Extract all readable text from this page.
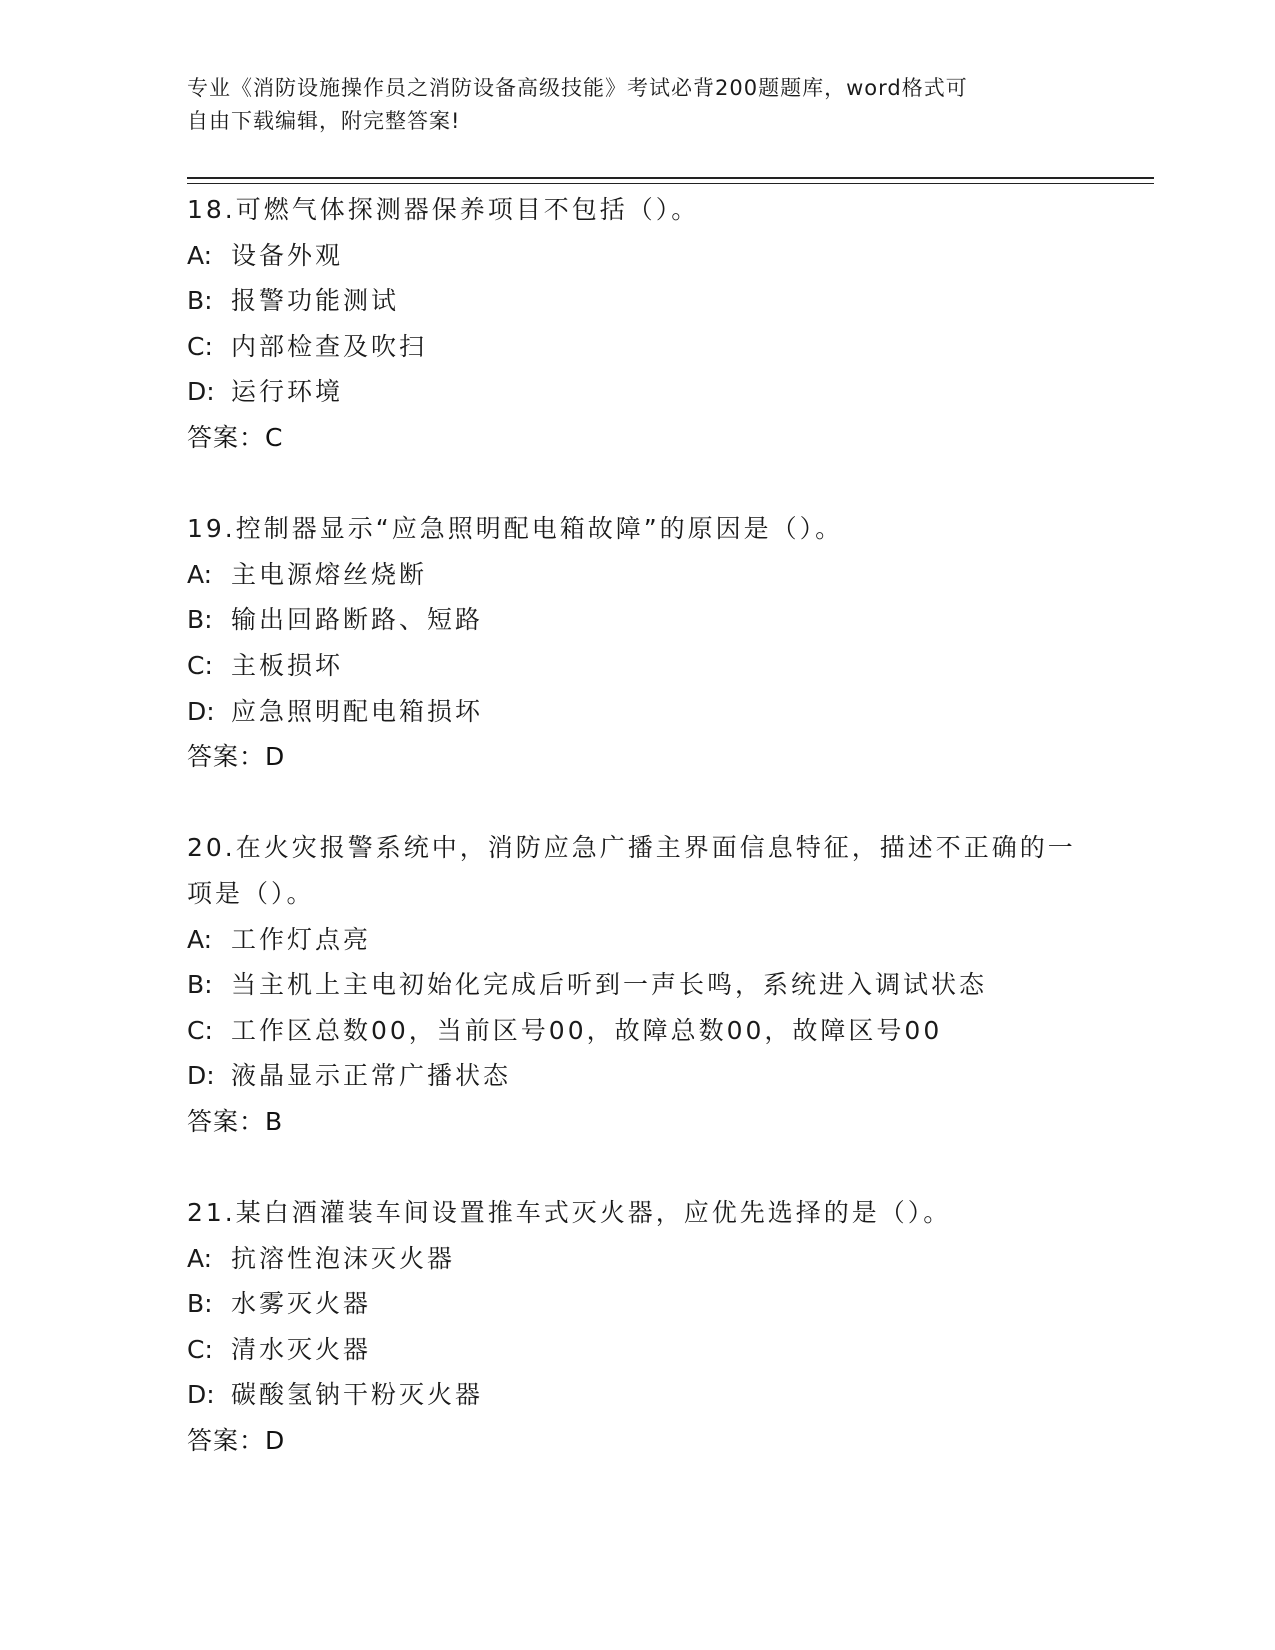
专业《消防设施操作员之消防设备高级技能》考试必背200题题库，word格式可
自由下载编辑，附完整答案!
18.可燃气体探测器保养项目不包括（）。
A: 设备外观
B: 报警功能测试
C: 内部检查及吹扫
D: 运行环境
答案：C
19.控制器显示“应急照明配电箱故障”的原因是（）。
A: 主电源熔丝烧断
B: 输出回路断路、短路
C: 主板损坏
D: 应急照明配电箱损坏
答案：D
20.在火灾报警系统中，消防应急广播主界面信息特征，描述不正确的一项是（）。
A: 工作灯点亮
B: 当主机上主电初始化完成后听到一声长鸣，系统进入调试状态
C: 工作区总数00，当前区号00，故障总数00，故障区号00
D: 液晶显示正常广播状态
答案：B
21.某白酒灌装车间设置推车式灭火器，应优先选择的是（）。
A: 抗溶性泡沫灭火器
B: 水雾灭火器
C: 清水灭火器
D: 碳酸氢钠干粉灭火器
答案：D
